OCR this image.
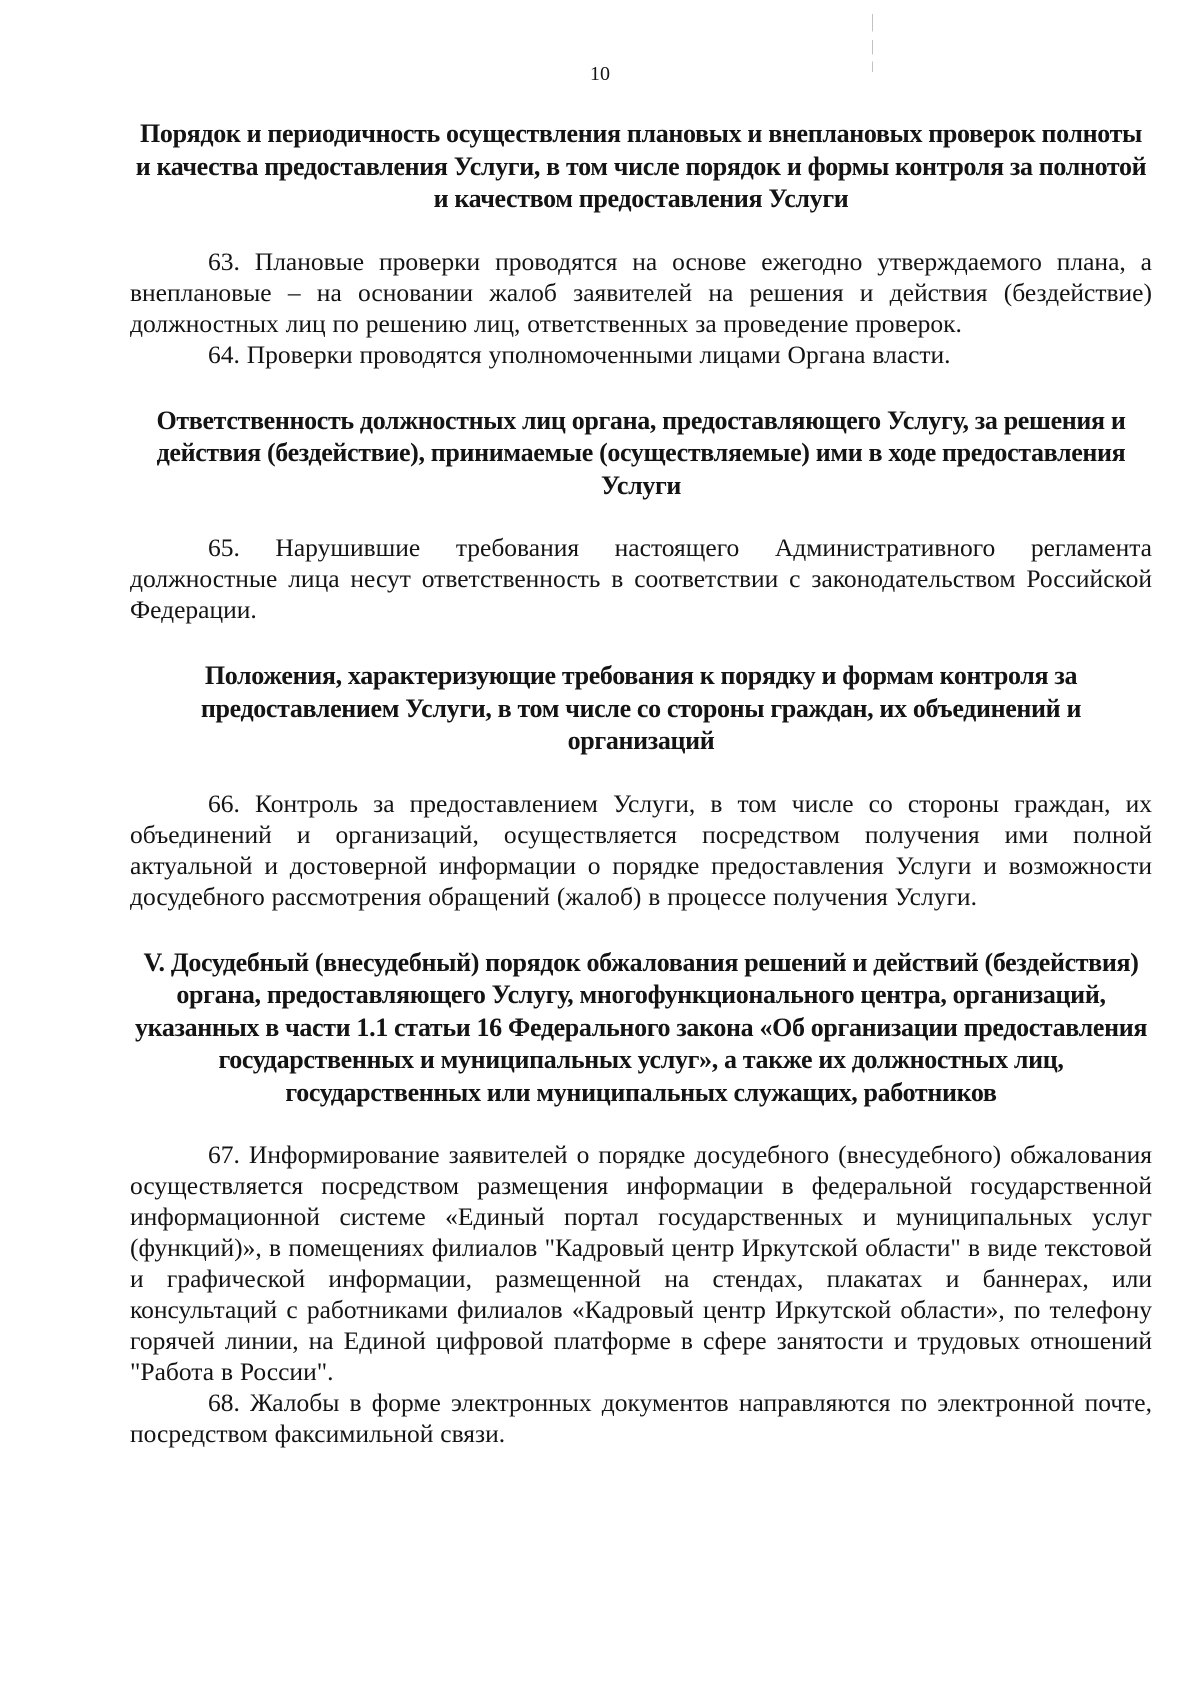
10
Порядок и периодичность осуществления плановых и внеплановых проверок полноты и качества предоставления Услуги, в том числе порядок и формы контроля за полнотой и качеством предоставления Услуги

63. Плановые проверки проводятся на основе ежегодно утверждаемого плана, а внеплановые – на основании жалоб заявителей на решения и действия (бездействие) должностных лиц по решению лиц, ответственных за проведение проверок.

64. Проверки проводятся уполномоченными лицами Органа власти.

Ответственность должностных лиц органа, предоставляющего Услугу, за решения и действия (бездействие), принимаемые (осуществляемые) ими в ходе предоставления Услуги

65. Нарушившие требования настоящего Административного регламента должностные лица несут ответственность в соответствии с законодательством Российской Федерации.

Положения, характеризующие требования к порядку и формам контроля за предоставлением Услуги, в том числе со стороны граждан, их объединений и организаций

66. Контроль за предоставлением Услуги, в том числе со стороны граждан, их объединений и организаций, осуществляется посредством получения ими полной актуальной и достоверной информации о порядке предоставления Услуги и возможности досудебного рассмотрения обращений (жалоб) в процессе получения Услуги.

V. Досудебный (внесудебный) порядок обжалования решений и действий (бездействия) органа, предоставляющего Услугу, многофункционального центра, организаций, указанных в части 1.1 статьи 16 Федерального закона «Об организации предоставления государственных и муниципальных услуг», а также их должностных лиц, государственных или муниципальных служащих, работников

67. Информирование заявителей о порядке досудебного (внесудебного) обжалования осуществляется посредством размещения информации в федеральной государственной информационной системе «Единый портал государственных и муниципальных услуг (функций)», в помещениях филиалов "Кадровый центр Иркутской области" в виде текстовой и графической информации, размещенной на стендах, плакатах и баннерах, или консультаций с работниками филиалов «Кадровый центр Иркутской области», по телефону горячей линии, на Единой цифровой платформе в сфере занятости и трудовых отношений "Работа в России".

68. Жалобы в форме электронных документов направляются по электронной почте, посредством факсимильной связи.
